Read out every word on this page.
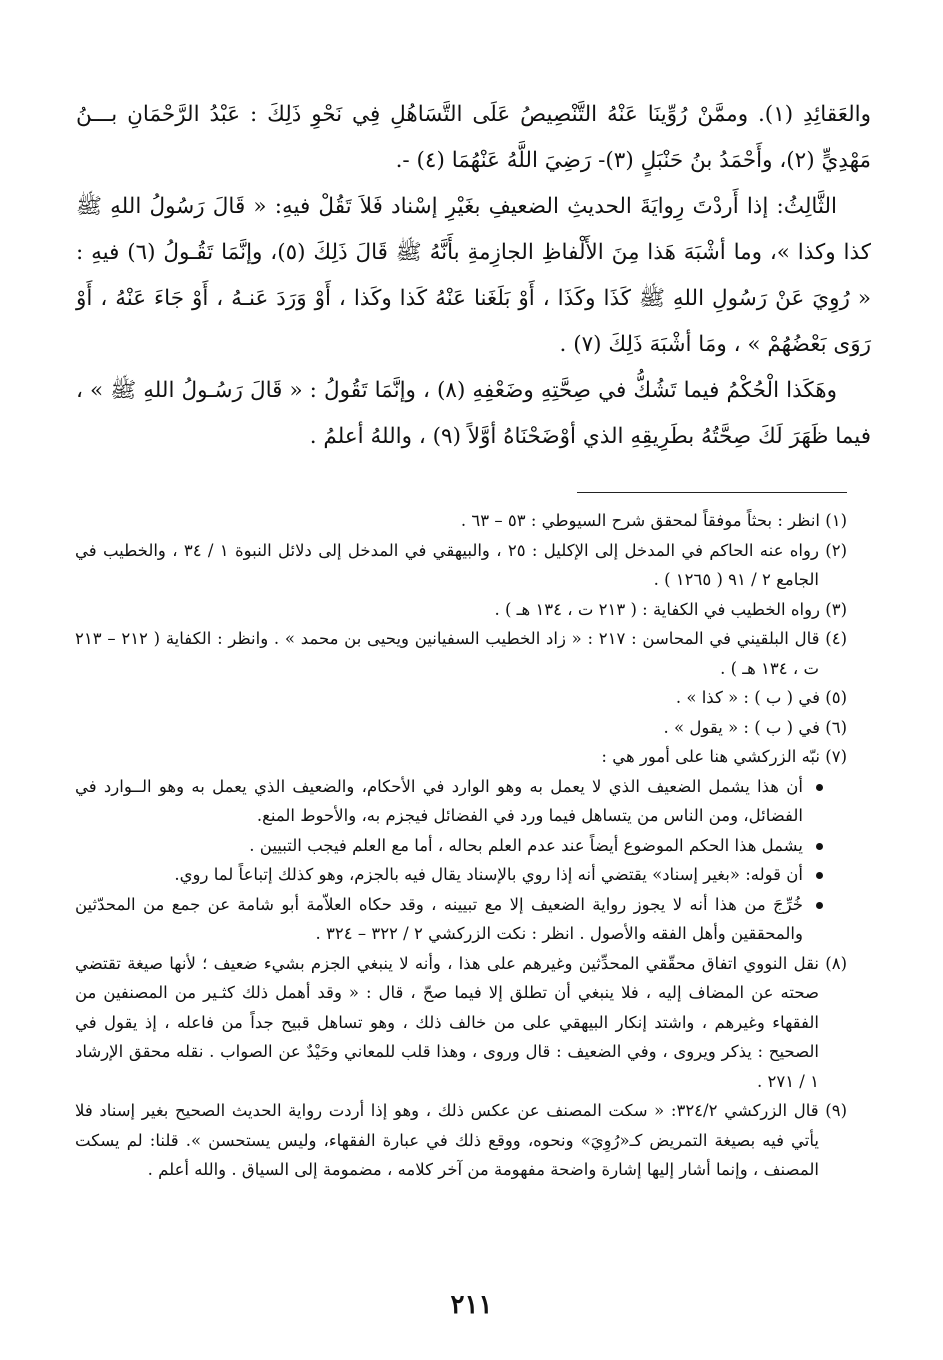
والعَقائِدِ (١). وممَّنْ رُوِّينَا عَنْهُ التَّنْصِيصُ عَلَى التَّسَاهُلِ فِي نَحْوِ ذَلِكَ : عَبْدُ الرَّحْمَانِ بـــنُ مَهْدِيٍّ (٢)، وأَحْمَدُ بنُ حَنْبَلٍ (٣)- رَضِيَ اللَّهُ عَنْهُمَا (٤) -.

الثَّالِثُ: إذا أَردْتَ رِوايَةَ الحديثِ الضعيفِ بغَيْرِ إسْناد فَلاَ تَقُلْ فيهِ: « قَالَ رَسُولُ اللهِ ﷺ كذا وكذا »، وما أشْبَهَ هَذا مِنَ الأَلْفاظِ الجازِمةِ بأَنَّهُ ﷺ قَالَ ذَلِكَ (٥)، وإنَّمَا تَقُـولُ (٦) فيهِ : « رُوِيَ عَنْ رَسُولِ اللهِ ﷺ كَذَا وكَذَا ، أَوْ بَلَغَنا عَنْهُ كَذا وكَذا ، أَوْ وَرَدَ عَنـهُ ، أَوْ جَاءَ عَنْهُ ، أَوْ رَوَى بَعْضُهُمْ » ، ومَا أشْبَهَ ذَلِكَ (٧) .

وهَكَذا الْحُكْمُ فيما تَشُكُّ في صِحَّتِهِ وضَعْفِهِ (٨) ، وإنَّمَا تَقُولُ : « قَالَ رَسُـولُ اللهِ ﷺ » ، فيما ظَهَرَ لَكَ صِحَّتُهُ بطَرِيقِهِ الذي أوْضَحْنَاهُ أوَّلاً (٩) ، واللهُ أعلمُ .

(١) انظر : بحثاً موفقاً لمحقق شرح السيوطي : ٥٣ – ٦٣ .

(٢) رواه عنه الحاكم في المدخل إلى الإكليل : ٢٥ ، والبيهقي في المدخل إلى دلائل النبوة ١ / ٣٤ ، والخطيب في الجامع ٢ / ٩١ ( ١٢٦٥ ) .

(٣) رواه الخطيب في الكفاية : ( ٢١٣ ت ، ١٣٤ هـ ) .

(٤) قال البلقيني في المحاسن : ٢١٧ : « زاد الخطيب السفيانين ويحيى بن محمد » . وانظر : الكفاية ( ٢١٢ – ٢١٣ ت ، ١٣٤ هـ ) .

(٥) في ( ب ) : « كذا » .

(٦) في ( ب ) : « يقول » .

(٧) نبّه الزركشي هنا على أمور هي :

أن هذا يشمل الضعيف الذي لا يعمل به وهو الوارد في الأحكام، والضعيف الذي يعمل به وهو الــوارد في الفضائل، ومن الناس من يتساهل فيما ورد في الفضائل فيجزم به، والأحوط المنع.
يشمل هذا الحكم الموضوع أيضاً عند عدم العلم بحاله ، أما مع العلم فيجب التبيين .
أن قوله: «بغير إسناد» يقتضي أنه إذا روي بالإسناد يقال فيه بالجزم، وهو كذلك إتباعاً لما روي.
خُرِّجَ من هذا أنه لا يجوز رواية الضعيف إلا مع تبيينه ، وقد حكاه العلاّمة أبو شامة عن جمع من المحدّثين والمحققين وأهل الفقه والأصول . انظر : نكت الزركشي ٢ / ٣٢٢ – ٣٢٤ .

(٨) نقل النووي اتفاق محقّقي المحدِّثين وغيرهم على هذا ، وأنه لا ينبغي الجزم بشيء ضعيف ؛ لأنها صيغة تقتضي صحته عن المضاف إليه ، فلا ينبغي أن تطلق إلا فيما صحّ ، قال : « وقد أهمل ذلك كثـير من المصنفين من الفقهاء وغيرهم ، واشتد إنكار البيهقي على من خالف ذلك ، وهو تساهل قبيح جداً من فاعله ، إذ يقول في الصحيح : يذكر ويروى ، وفي الضعيف : قال وروى ، وهذا قلب للمعاني وحَيْدٌ عن الصواب . نقله محقق الإرشاد ١ / ٢٧١ .

(٩) قال الزركشي ٣٢٤/٢: « سكت المصنف عن عكس ذلك ، وهو إذا أردت رواية الحديث الصحيح بغير إسناد فلا يأتي فيه بصيغة التمريض كـ«رُوِيَ» ونحوه، ووقع ذلك في عبارة الفقهاء، وليس يستحسن ». قلنا: لم يسكت المصنف ، وإنما أشار إليها إشارة واضحة مفهومة من آخر كلامه ، مضمومة إلى السياق . والله أعلم .

٢١١
